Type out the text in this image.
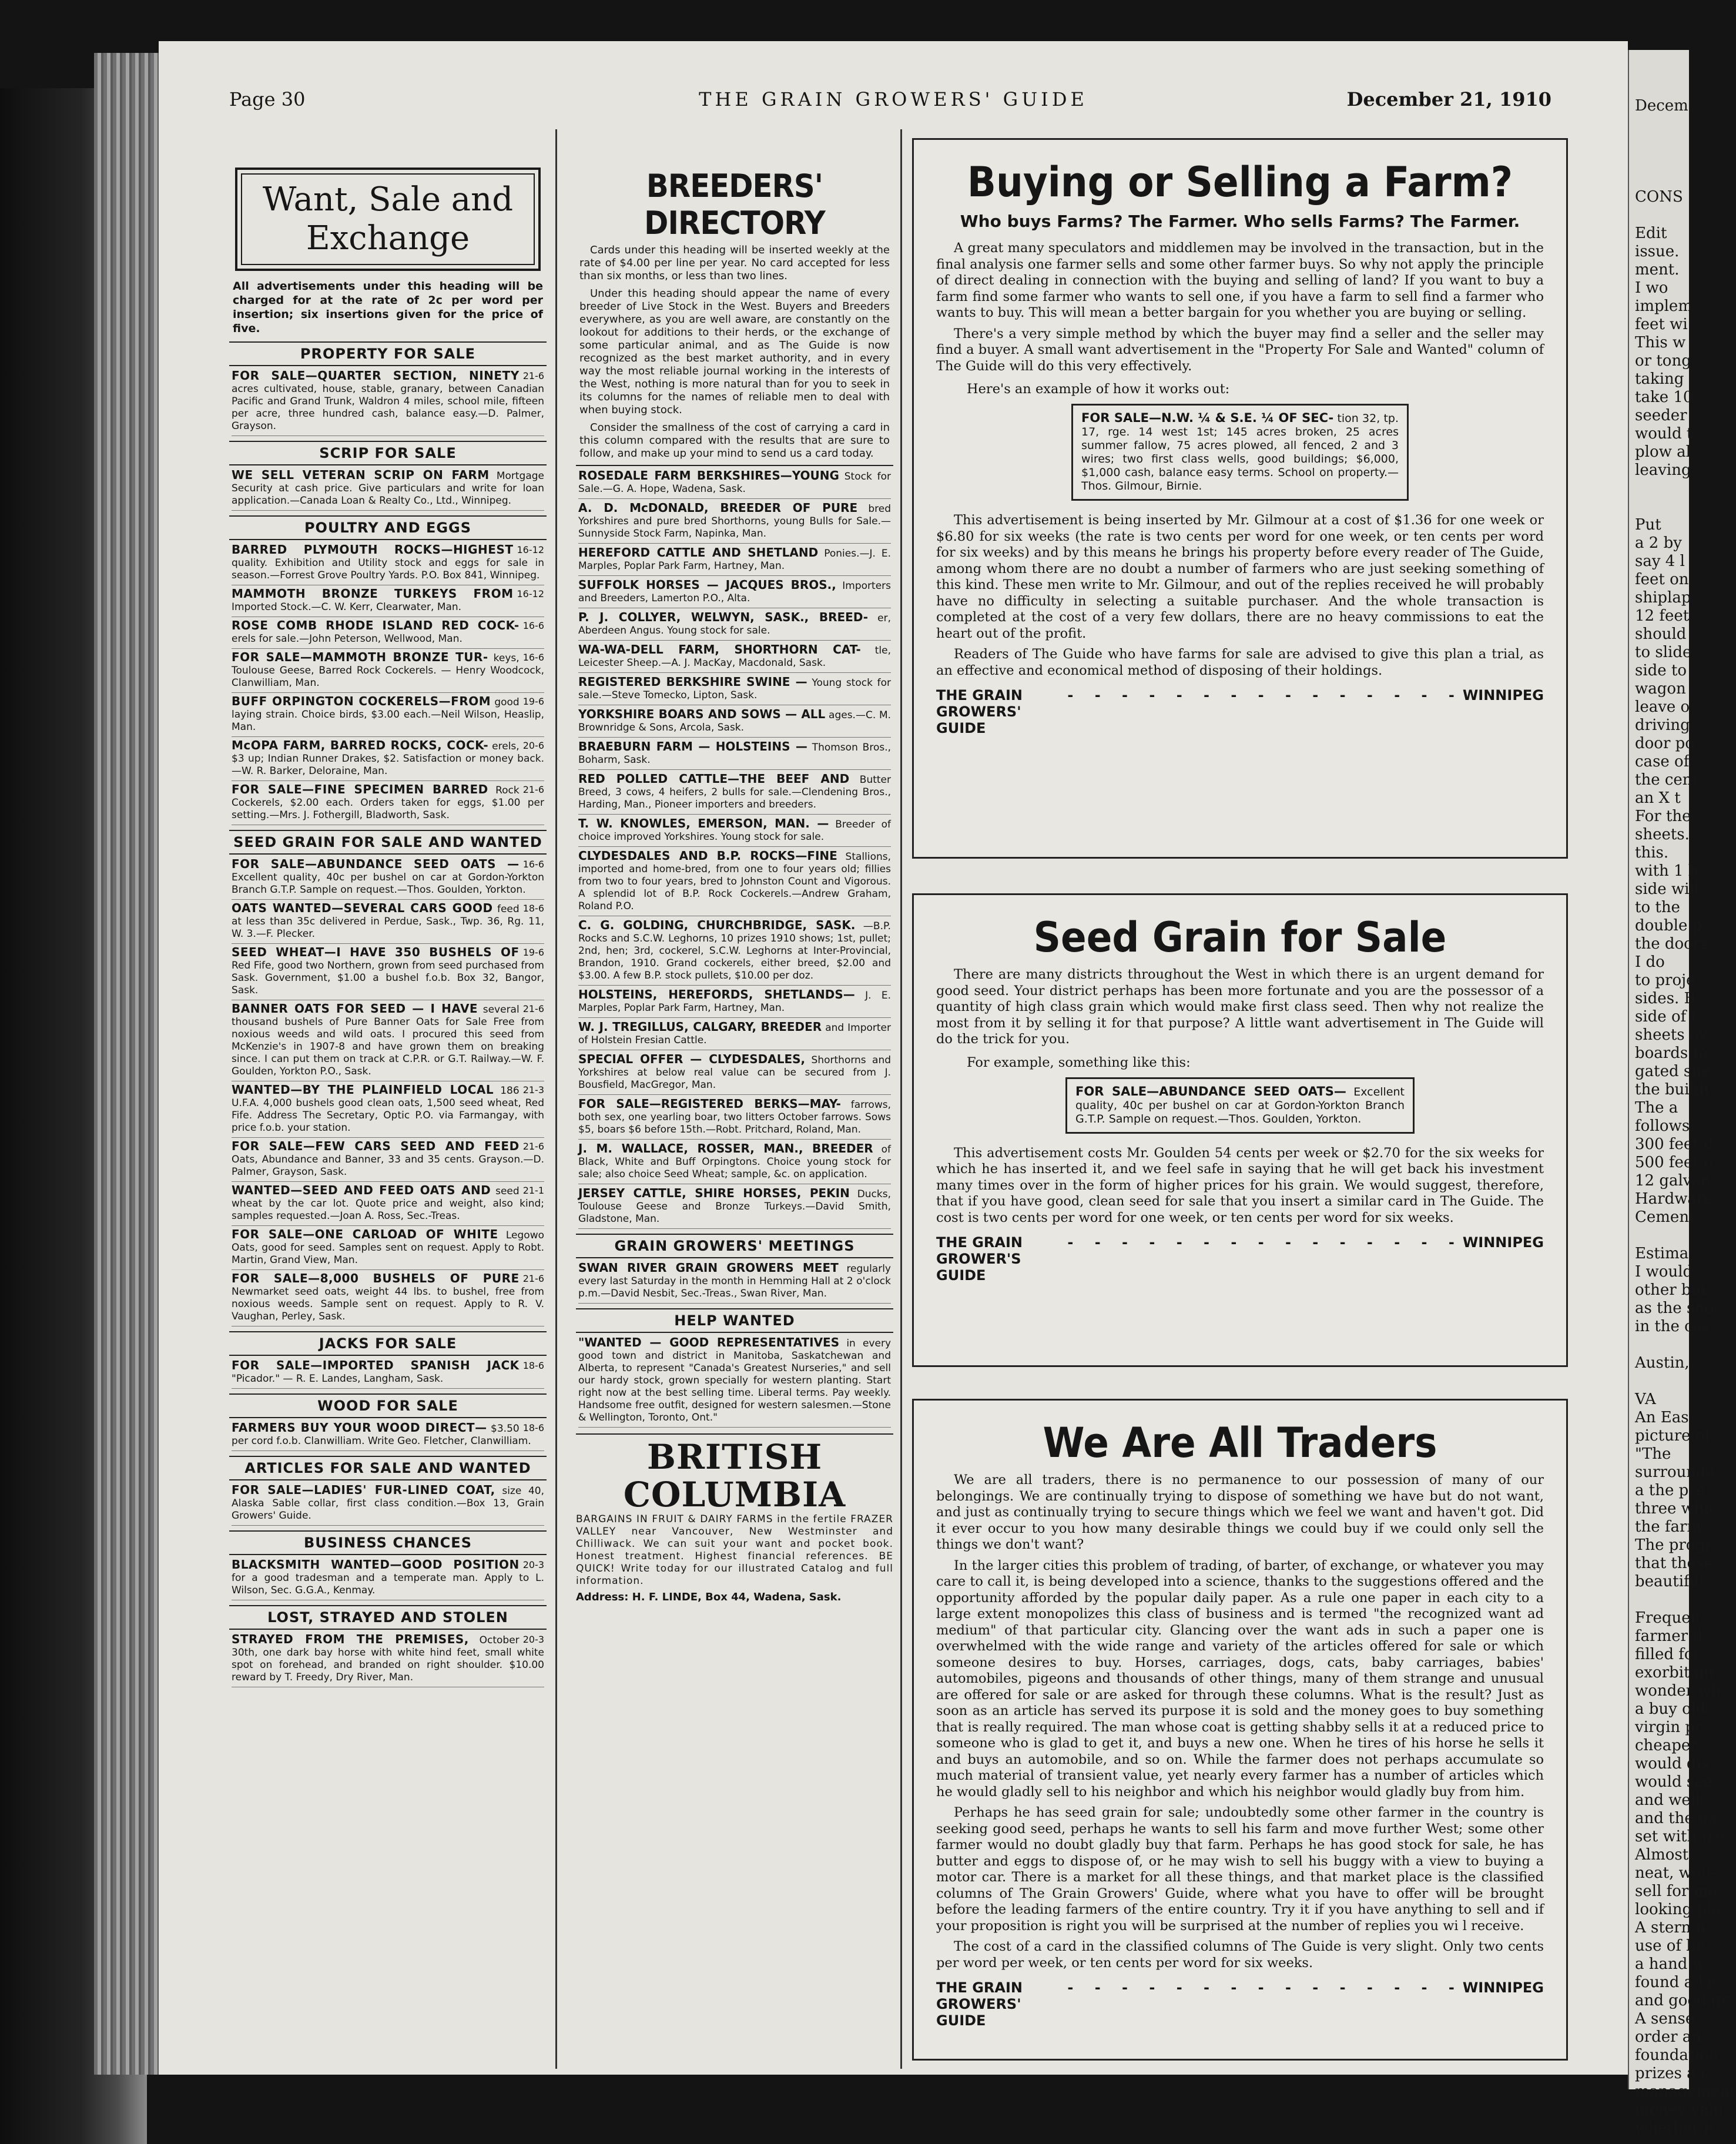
Page 30	THE GRAIN GROWERS' GUIDE	December 21, 1910
Want, Sale and
Exchange
All advertisements under this heading will be charged for at the rate of 2c per word per insertion; six insertions given for the price of five.
PROPERTY FOR SALE
21-6
FOR SALE—QUARTER SECTION, NINETY acres cultivated, house, stable, granary, between Canadian Pacific and Grand Trunk, Waldron 4 miles, school mile, fifteen per acre, three hundred cash, balance easy.—D. Palmer, Grayson.
SCRIP FOR SALE
WE SELL VETERAN SCRIP ON FARM Mortgage Security at cash price. Give particulars and write for loan application.—Canada Loan & Realty Co., Ltd., Winnipeg.
POULTRY AND EGGS
16-12
BARRED PLYMOUTH ROCKS—HIGHEST quality. Exhibition and Utility stock and eggs for sale in season.—Forrest Grove Poultry Yards. P.O. Box 841, Winnipeg.
16-12
MAMMOTH BRONZE TURKEYS FROM Imported Stock.—C. W. Kerr, Clearwater, Man.
16-6
ROSE COMB RHODE ISLAND RED COCK- erels for sale.—John Peterson, Wellwood, Man.
16-6
FOR SALE—MAMMOTH BRONZE TUR- keys, Toulouse Geese, Barred Rock Cockerels. — Henry Woodcock, Clanwilliam, Man.
19-6
BUFF ORPINGTON COCKERELS—FROM good laying strain. Choice birds, $3.00 each.—Neil Wilson, Heaslip, Man.
20-6
McOPA FARM, BARRED ROCKS, COCK- erels, $3 up; Indian Runner Drakes, $2. Satisfaction or money back.—W. R. Barker, Deloraine, Man.
21-6
FOR SALE—FINE SPECIMEN BARRED Rock Cockerels, $2.00 each. Orders taken for eggs, $1.00 per setting.—Mrs. J. Fothergill, Bladworth, Sask.
SEED GRAIN FOR SALE AND WANTED
16-6
FOR SALE—ABUNDANCE SEED OATS — Excellent quality, 40c per bushel on car at Gordon-Yorkton Branch G.T.P. Sample on request.—Thos. Goulden, Yorkton.
18-6
OATS WANTED—SEVERAL CARS GOOD feed at less than 35c delivered in Perdue, Sask., Twp. 36, Rg. 11, W. 3.—F. Plecker.
19-6
SEED WHEAT—I HAVE 350 BUSHELS OF Red Fife, good two Northern, grown from seed purchased from Sask. Government, $1.00 a bushel f.o.b. Box 32, Bangor, Sask.
21-6
BANNER OATS FOR SEED — I HAVE several thousand bushels of Pure Banner Oats for Sale Free from noxious weeds and wild oats. I procured this seed from McKenzie's in 1907-8 and have grown them on breaking since. I can put them on track at C.P.R. or G.T. Railway.—W. F. Goulden, Yorkton P.O., Sask.
21-3
WANTED—BY THE PLAINFIELD LOCAL 186 U.F.A. 4,000 bushels good clean oats, 1,500 seed wheat, Red Fife. Address The Secretary, Optic P.O. via Farmangay, with price f.o.b. your station.
21-6
FOR SALE—FEW CARS SEED AND FEED Oats, Abundance and Banner, 33 and 35 cents. Grayson.—D. Palmer, Grayson, Sask.
21-1
WANTED—SEED AND FEED OATS AND seed wheat by the car lot. Quote price and weight, also kind; samples requested.—Joan A. Ross, Sec.-Treas.
FOR SALE—ONE CARLOAD OF WHITE Legowo Oats, good for seed. Samples sent on request. Apply to Robt. Martin, Grand View, Man.
21-6
FOR SALE—8,000 BUSHELS OF PURE Newmarket seed oats, weight 44 lbs. to bushel, free from noxious weeds. Sample sent on request. Apply to R. V. Vaughan, Perley, Sask.
JACKS FOR SALE
18-6
FOR SALE—IMPORTED SPANISH JACK "Picador." — R. E. Landes, Langham, Sask.
WOOD FOR SALE
18-6
FARMERS BUY YOUR WOOD DIRECT— $3.50 per cord f.o.b. Clanwilliam. Write Geo. Fletcher, Clanwilliam.
ARTICLES FOR SALE AND WANTED
FOR SALE—LADIES' FUR-LINED COAT, size 40, Alaska Sable collar, first class condition.—Box 13, Grain Growers' Guide.
BUSINESS CHANCES
20-3
BLACKSMITH WANTED—GOOD POSITION for a good tradesman and a temperate man. Apply to L. Wilson, Sec. G.G.A., Kenmay.
LOST, STRAYED AND STOLEN
20-3
STRAYED FROM THE PREMISES, October 30th, one dark bay horse with white hind feet, small white spot on forehead, and branded on right shoulder. $10.00 reward by T. Freedy, Dry River, Man.
BREEDERS' DIRECTORY
Cards under this heading will be inserted weekly at the rate of $4.00 per line per year. No card accepted for less than six months, or less than two lines.
Under this heading should appear the name of every breeder of Live Stock in the West. Buyers and Breeders everywhere, as you are well aware, are constantly on the lookout for additions to their herds, or the exchange of some particular animal, and as The Guide is now recognized as the best market authority, and in every way the most reliable journal working in the interests of the West, nothing is more natural than for you to seek in its columns for the names of reliable men to deal with when buying stock.
Consider the smallness of the cost of carrying a card in this column compared with the results that are sure to follow, and make up your mind to send us a card today.
ROSEDALE FARM BERKSHIRES—YOUNG Stock for Sale.—G. A. Hope, Wadena, Sask.
A. D. McDONALD, BREEDER OF PURE bred Yorkshires and pure bred Shorthorns, young Bulls for Sale.—Sunnyside Stock Farm, Napinka, Man.
HEREFORD CATTLE AND SHETLAND Ponies.—J. E. Marples, Poplar Park Farm, Hartney, Man.
SUFFOLK HORSES — JACQUES BROS., Importers and Breeders, Lamerton P.O., Alta.
P. J. COLLYER, WELWYN, SASK., BREED- er, Aberdeen Angus. Young stock for sale.
WA-WA-DELL FARM, SHORTHORN CAT- tle, Leicester Sheep.—A. J. MacKay, Macdonald, Sask.
REGISTERED BERKSHIRE SWINE — Young stock for sale.—Steve Tomecko, Lipton, Sask.
YORKSHIRE BOARS AND SOWS — ALL ages.—C. M. Brownridge & Sons, Arcola, Sask.
BRAEBURN FARM — HOLSTEINS — Thomson Bros., Boharm, Sask.
RED POLLED CATTLE—THE BEEF AND Butter Breed, 3 cows, 4 heifers, 2 bulls for sale.—Clendening Bros., Harding, Man., Pioneer importers and breeders.
T. W. KNOWLES, EMERSON, MAN. — Breeder of choice improved Yorkshires. Young stock for sale.
CLYDESDALES AND B.P. ROCKS—FINE Stallions, imported and home-bred, from one to four years old; fillies from two to four years, bred to Johnston Count and Vigorous. A splendid lot of B.P. Rock Cockerels.—Andrew Graham, Roland P.O.
C. G. GOLDING, CHURCHBRIDGE, SASK. —B.P. Rocks and S.C.W. Leghorns, 10 prizes 1910 shows; 1st, pullet; 2nd, hen; 3rd, cockerel, S.C.W. Leghorns at Inter-Provincial, Brandon, 1910. Grand cockerels, either breed, $2.00 and $3.00. A few B.P. stock pullets, $10.00 per doz.
HOLSTEINS, HEREFORDS, SHETLANDS— J. E. Marples, Poplar Park Farm, Hartney, Man.
W. J. TREGILLUS, CALGARY, BREEDER and Importer of Holstein Fresian Cattle.
SPECIAL OFFER — CLYDESDALES, Shorthorns and Yorkshires at below real value can be secured from J. Bousfield, MacGregor, Man.
FOR SALE—REGISTERED BERKS—MAY- farrows, both sex, one yearling boar, two litters October farrows. Sows $5, boars $6 before 15th.—Robt. Pritchard, Roland, Man.
J. M. WALLACE, ROSSER, MAN., BREEDER of Black, White and Buff Orpingtons. Choice young stock for sale; also choice Seed Wheat; sample, &c. on application.
JERSEY CATTLE, SHIRE HORSES, PEKIN Ducks, Toulouse Geese and Bronze Turkeys.—David Smith, Gladstone, Man.
GRAIN GROWERS' MEETINGS
SWAN RIVER GRAIN GROWERS MEET regularly every last Saturday in the month in Hemming Hall at 2 o'clock p.m.—David Nesbit, Sec.-Treas., Swan River, Man.
HELP WANTED
"WANTED — GOOD REPRESENTATIVES in every good town and district in Manitoba, Saskatchewan and Alberta, to represent "Canada's Greatest Nurseries," and sell our hardy stock, grown specially for western planting. Start right now at the best selling time. Liberal terms. Pay weekly. Handsome free outfit, designed for western salesmen.—Stone & Wellington, Toronto, Ont."
BRITISH COLUMBIA
BARGAINS IN FRUIT & DAIRY FARMS in the fertile FRAZER VALLEY near Vancouver, New Westminster and Chilliwack. We can suit your want and pocket book. Honest treatment. Highest financial references. BE QUICK! Write today for our illustrated Catalog and full information.
Address: H. F. LINDE, Box 44, Wadena, Sask.
Buying or Selling a Farm?
Who buys Farms? The Farmer. Who sells Farms? The Farmer.
A great many speculators and middlemen may be involved in the transaction, but in the final analysis one farmer sells and some other farmer buys. So why not apply the principle of direct dealing in connection with the buying and selling of land? If you want to buy a farm find some farmer who wants to sell one, if you have a farm to sell find a farmer who wants to buy. This will mean a better bargain for you whether you are buying or selling.
There's a very simple method by which the buyer may find a seller and the seller may find a buyer. A small want advertisement in the "Property For Sale and Wanted" column of The Guide will do this very effectively.
Here's an example of how it works out:
FOR SALE—N.W. ¼ & S.E. ¼ OF SEC- tion 32, tp. 17, rge. 14 west 1st; 145 acres broken, 25 acres summer fallow, 75 acres plowed, all fenced, 2 and 3 wires; two first class wells, good buildings; $6,000, $1,000 cash, balance easy terms. School on property.—Thos. Gilmour, Birnie.
This advertisement is being inserted by Mr. Gilmour at a cost of $1.36 for one week or $6.80 for six weeks (the rate is two cents per word for one week, or ten cents per word for six weeks) and by this means he brings his property before every reader of The Guide, among whom there are no doubt a number of farmers who are just seeking something of this kind. These men write to Mr. Gilmour, and out of the replies received he will probably have no difficulty in selecting a suitable purchaser. And the whole transaction is completed at the cost of a very few dollars, there are no heavy commissions to eat the heart out of the profit.
Readers of The Guide who have farms for sale are advised to give this plan a trial, as an effective and economical method of disposing of their holdings.
THE GRAIN GROWERS' GUIDE
- - - - - - - - - - - - - - - WINNIPEG
Seed Grain for Sale
There are many districts throughout the West in which there is an urgent demand for good seed. Your district perhaps has been more fortunate and you are the possessor of a quantity of high class grain which would make first class seed. Then why not realize the most from it by selling it for that purpose? A little want advertisement in The Guide will do the trick for you.
For example, something like this:
FOR SALE—ABUNDANCE SEED OATS— Excellent quality, 40c per bushel on car at Gordon-Yorkton Branch G.T.P. Sample on request.—Thos. Goulden, Yorkton.
This advertisement costs Mr. Goulden 54 cents per week or $2.70 for the six weeks for which he has inserted it, and we feel safe in saying that he will get back his investment many times over in the form of higher prices for his grain. We would suggest, therefore, that if you have good, clean seed for sale that you insert a similar card in The Guide. The cost is two cents per word for one week, or ten cents per word for six weeks.
THE GRAIN GROWER'S GUIDE
- - - - - - - - - - - - - - - WINNIPEG
We Are All Traders
We are all traders, there is no permanence to our possession of many of our belongings. We are continually trying to dispose of something we have but do not want, and just as continually trying to secure things which we feel we want and haven't got. Did it ever occur to you how many desirable things we could buy if we could only sell the things we don't want?
In the larger cities this problem of trading, of barter, of exchange, or whatever you may care to call it, is being developed into a science, thanks to the suggestions offered and the opportunity afforded by the popular daily paper. As a rule one paper in each city to a large extent monopolizes this class of business and is termed "the recognized want ad medium" of that particular city. Glancing over the want ads in such a paper one is overwhelmed with the wide range and variety of the articles offered for sale or which someone desires to buy. Horses, carriages, dogs, cats, baby carriages, babies' automobiles, pigeons and thousands of other things, many of them strange and unusual are offered for sale or are asked for through these columns. What is the result? Just as soon as an article has served its purpose it is sold and the money goes to buy something that is really required. The man whose coat is getting shabby sells it at a reduced price to someone who is glad to get it, and buys a new one. When he tires of his horse he sells it and buys an automobile, and so on. While the farmer does not perhaps accumulate so much material of transient value, yet nearly every farmer has a number of articles which he would gladly sell to his neighbor and which his neighbor would gladly buy from him.
Perhaps he has seed grain for sale; undoubtedly some other farmer in the country is seeking good seed, perhaps he wants to sell his farm and move further West; some other farmer would no doubt gladly buy that farm. Perhaps he has good stock for sale, he has butter and eggs to dispose of, or he may wish to sell his buggy with a view to buying a motor car. There is a market for all these things, and that market place is the classified columns of The Grain Growers' Guide, where what you have to offer will be brought before the leading farmers of the entire country. Try it if you have anything to sell and if your proposition is right you will be surprised at the number of replies you wi l receive.
The cost of a card in the classified columns of The Guide is very slight. Only two cents per word per week, or ten cents per word for six weeks.
THE GRAIN GROWERS' GUIDE
- - - - - - - - - - - - - - - WINNIPEG
Decem

CONS

Edit
issue.
ment.
I wo
implem
feet wi
This w
or tong
taking
take 10
seeder
would t
plow al
leaving

Put
a 2 by
say 4 l
feet on
shiplap
12 feet
should
to slide
side to
wagon
leave o
driving
door po
case of
the cent
an X t
For the
sheets.
this.
with 1 b
side will
to the
double p
the doors
I do
to proje
sides. B
side of t
sheets ov
boards fo
gated she
the buildi
The a
follows:
300 feet d
500 feet o
12 galvan
Hardware
Cement

Estima
I would
other bui
as the sno
in the cas

Austin,

VA
An Eas
picture of
"The
surrounda
a the pre
three whic
the farm.
The progr
that these
beautiful

Frequen
farmer d
filled for
exorbitant
wonder wh
a buy old
virgin pr
cheaper.
would dis
would see,
and well
and the ga
set with tre
Almost
neat, well-
sell for mo
looking pla
A stern fi
use of be
a hand w
found a lac
and good gr
A sense
order an
foundation
prizes a c
management
money valu
whether it
